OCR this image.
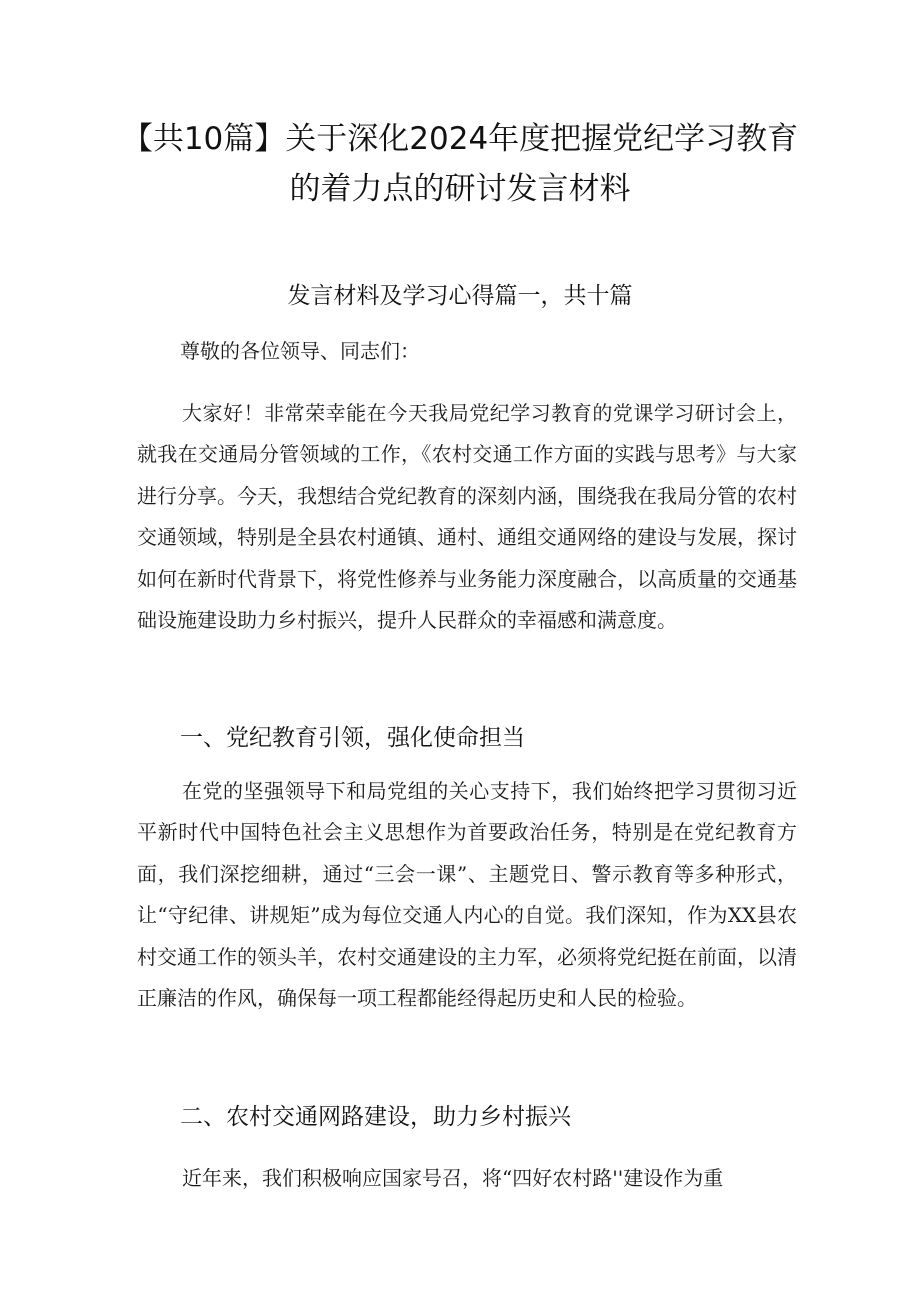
【共10篇】关于深化2024年度把握党纪学习教育
的着力点的研讨发言材料
发言材料及学习心得篇一，共十篇
尊敬的各位领导、同志们：
大家好！非常荣幸能在今天我局党纪学习教育的党课学习研讨会上，就我在交通局分管领域的工作，《农村交通工作方面的实践与思考》与大家进行分享。今天，我想结合党纪教育的深刻内涵，围绕我在我局分管的农村交通领域，特别是全县农村通镇、通村、通组交通网络的建设与发展，探讨如何在新时代背景下，将党性修养与业务能力深度融合，以高质量的交通基础设施建设助力乡村振兴，提升人民群众的幸福感和满意度。
一、党纪教育引领，强化使命担当
在党的坚强领导下和局党组的关心支持下，我们始终把学习贯彻习近平新时代中国特色社会主义思想作为首要政治任务，特别是在党纪教育方面，我们深挖细耕，通过“三会一课”、主题党日、警示教育等多种形式，让“守纪律、讲规矩”成为每位交通人内心的自觉。我们深知，作为XX县农村交通工作的领头羊，农村交通建设的主力军，必须将党纪挺在前面，以清正廉洁的作风，确保每一项工程都能经得起历史和人民的检验。
二、农村交通网路建设，助力乡村振兴
近年来，我们积极响应国家号召，将“四好农村路''建设作为重
